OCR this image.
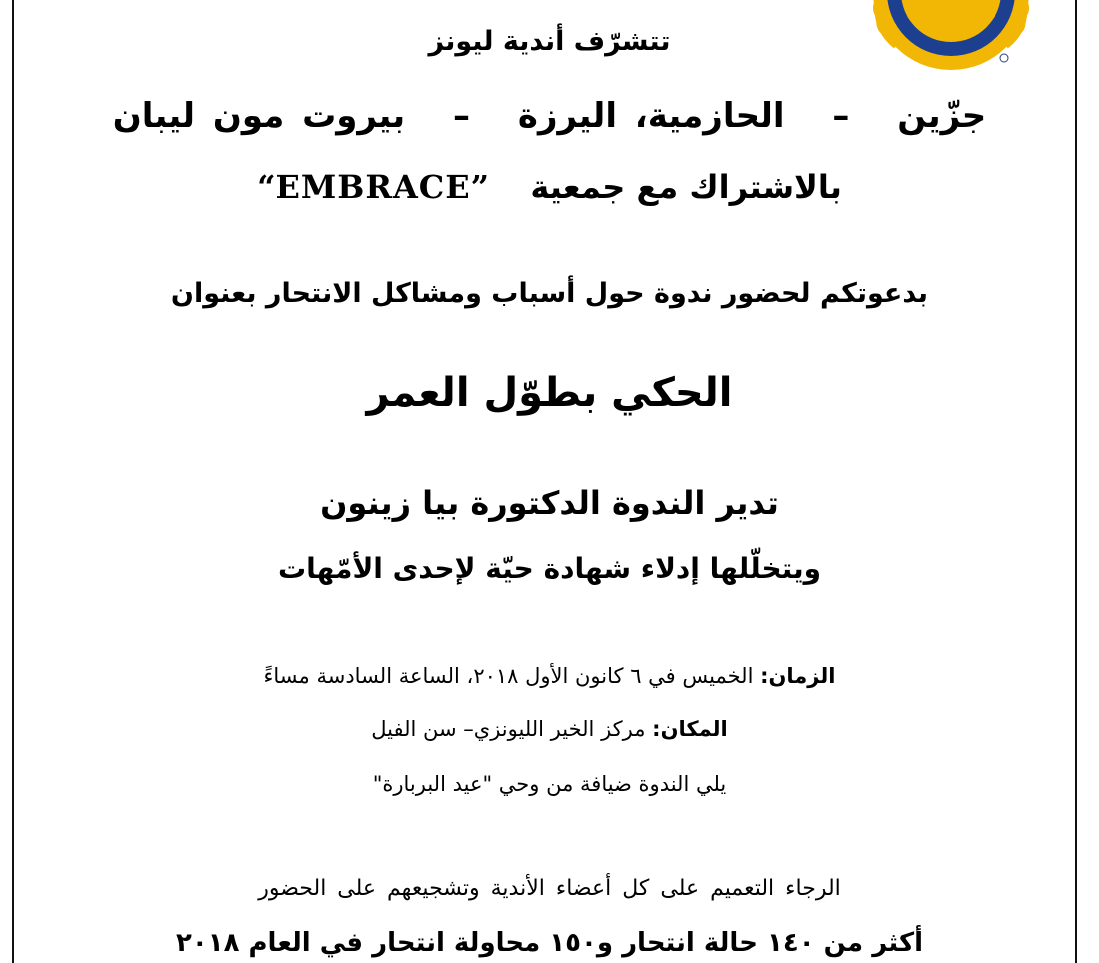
INTERNATIONAL
تتشرّف أندية ليونز
جزّين – الحازمية، اليرزة – بيروت مون ليبان
بالاشتراك مع جمعية  “EMBRACE”
بدعوتكم لحضور ندوة حول أسباب ومشاكل الانتحار بعنوان
الحكي بطوّل العمر
تدير الندوة الدكتورة بيا زينون
ويتخلّلها إدلاء شهادة حيّة لإحدى الأمّهات
الزمان: الخميس في ٦ كانون الأول ٢٠١٨، الساعة السادسة مساءً
المكان: مركز الخير الليونزي– سن الفيل
يلي الندوة ضيافة من وحي "عيد البربارة"
الرجاء التعميم على كل أعضاء الأندية وتشجيعهم على الحضور
أكثر من ١٤٠ حالة انتحار و١٥٠ محاولة انتحار في العام ٢٠١٨
